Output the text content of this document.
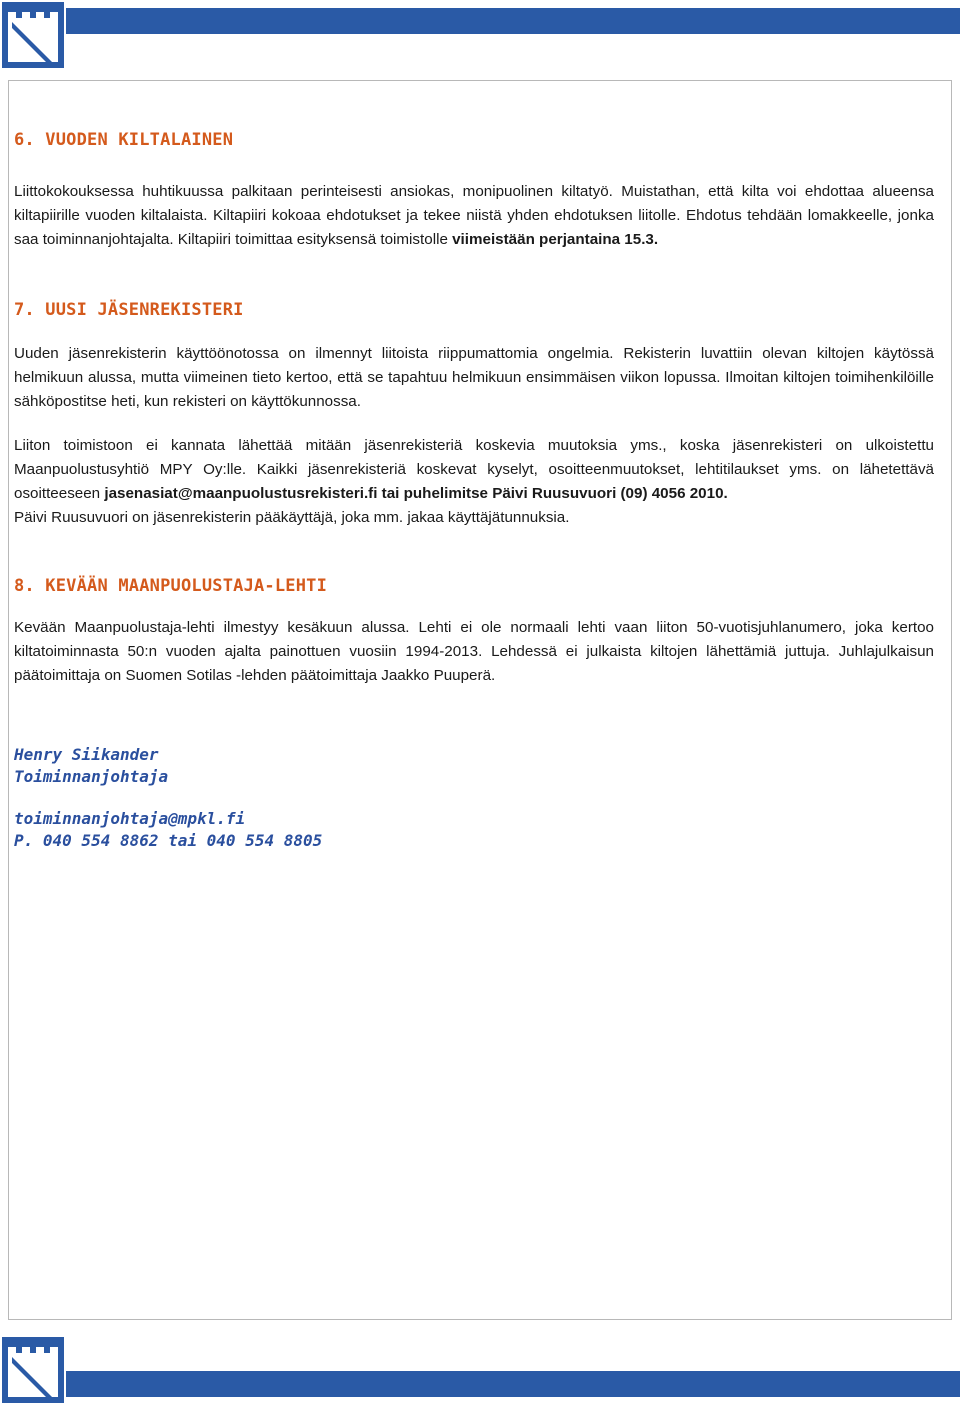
6. VUODEN KILTALAINEN

Liittokokouksessa huhtikuussa palkitaan perinteisesti ansiokas, monipuolinen kiltatyö. Muistathan, että kilta voi ehdottaa alueensa kiltapiirille vuoden kiltalaista. Kiltapiiri kokoaa ehdotukset ja tekee niistä yhden ehdotuksen liitolle. Ehdotus tehdään lomakkeelle, jonka saa toiminnanjohtajalta. Kiltapiiri toimittaa esityksensä toimistolle viimeistään perjantaina 15.3.

7. UUSI JÄSENREKISTERI

Uuden jäsenrekisterin käyttöönotossa on ilmennyt liitoista riippumattomia ongelmia. Rekisterin luvattiin olevan kiltojen käytössä helmikuun alussa, mutta viimeinen tieto kertoo, että se tapahtuu helmikuun ensimmäisen viikon lopussa. Ilmoitan kiltojen toimihenkilöille sähköpostitse heti, kun rekisteri on käyttökunnossa.

Liiton toimistoon ei kannata lähettää mitään jäsenrekisteriä koskevia muutoksia yms., koska jäsenrekisteri on ulkoistettu Maanpuolustusyhtiö MPY Oy:lle. Kaikki jäsenrekisteriä koskevat kyselyt, osoitteenmuutokset, lehtitilaukset yms. on lähetettävä osoitteeseen jasenasiat@maanpuolustusrekisteri.fi tai puhelimitse Päivi Ruusuvuori (09) 4056 2010.
Päivi Ruusuvuori on jäsenrekisterin pääkäyttäjä, joka mm. jakaa käyttäjätunnuksia.

8. KEVÄÄN MAANPUOLUSTAJA-LEHTI

Kevään Maanpuolustaja-lehti ilmestyy kesäkuun alussa. Lehti ei ole normaali lehti vaan liiton 50-vuotisjuhlanumero, joka kertoo kiltatoiminnasta 50:n vuoden ajalta painottuen vuosiin 1994-2013. Lehdessä ei julkaista kiltojen lähettämiä juttuja. Juhlajulkaisun päätoimittaja on Suomen Sotilas -lehden päätoimittaja Jaakko Puuperä.

Henry Siikander

Toiminnanjohtaja

toiminnanjohtaja@mpkl.fi

P. 040 554 8862 tai 040 554 8805
